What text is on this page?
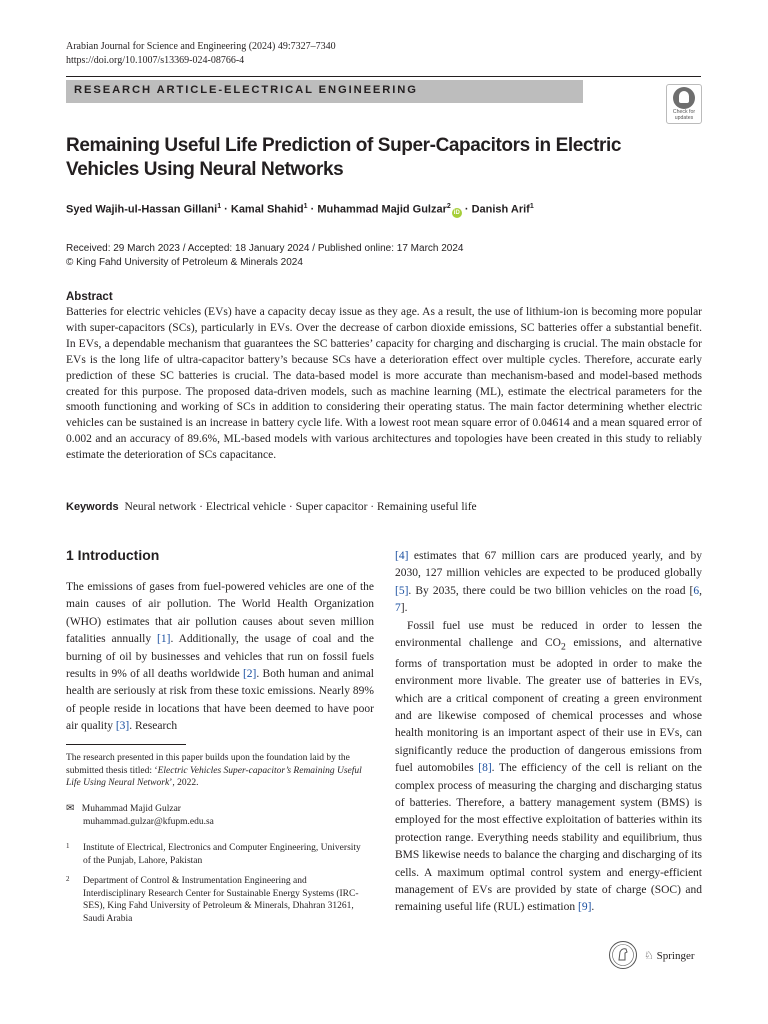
Arabian Journal for Science and Engineering (2024) 49:7327–7340
https://doi.org/10.1007/s13369-024-08766-4
RESEARCH ARTICLE-ELECTRICAL ENGINEERING
Check for updates
Remaining Useful Life Prediction of Super-Capacitors in Electric Vehicles Using Neural Networks
Syed Wajih-ul-Hassan Gillani$^1$ · Kamal Shahid$^1$ · Muhammad Majid Gulzar$^2$iD · Danish Arif$^1$
Received: 29 March 2023 / Accepted: 18 January 2024 / Published online: 17 March 2024
© King Fahd University of Petroleum & Minerals 2024
Abstract

Batteries for electric vehicles (EVs) have a capacity decay issue as they age. As a result, the use of lithium-ion is becoming more popular with super-capacitors (SCs), particularly in EVs. Over the decrease of carbon dioxide emissions, SC batteries offer a substantial benefit. In EVs, a dependable mechanism that guarantees the SC batteries’ capacity for charging and discharging is crucial. The main obstacle for EVs is the long life of ultra-capacitor battery’s because SCs have a deterioration effect over multiple cycles. Therefore, accurate early prediction of these SC batteries is crucial. The data-based model is more accurate than mechanism-based and model-based methods created for this purpose. The proposed data-driven models, such as machine learning (ML), estimate the electrical parameters for the smooth functioning and working of SCs in addition to considering their operating status. The main factor determining whether electric vehicles can be sustained is an increase in battery cycle life. With a lowest root mean square error of 0.04614 and a mean squared error of 0.002 and an accuracy of 89.6%, ML-based models with various architectures and topologies have been created in this study to reliably estimate the deterioration of SCs capacitance.

Keywords Neural network · Electrical vehicle · Super capacitor · Remaining useful life
1 Introduction

The emissions of gases from fuel-powered vehicles are one of the main causes of air pollution. The World Health Organization (WHO) estimates that air pollution causes about seven million fatalities annually [1]. Additionally, the usage of coal and the burning of oil by businesses and vehicles that run on fossil fuels results in 9% of all deaths worldwide [2]. Both human and animal health are seriously at risk from these toxic emissions. Nearly 89% of people reside in locations that have been deemed to have poor air quality [3]. Research

[4] estimates that 67 million cars are produced yearly, and by 2030, 127 million vehicles are expected to be produced globally [5]. By 2035, there could be two billion vehicles on the road [6, 7].

Fossil fuel use must be reduced in order to lessen the environmental challenge and $CO_2$ emissions, and alternative forms of transportation must be adopted in order to make the environment more livable. The greater use of batteries in EVs, which are a critical component of creating a green environment and are likewise composed of chemical processes and whose health monitoring is an important aspect of their use in EVs, can significantly reduce the production of dangerous emissions from fuel automobiles [8]. The efficiency of the cell is reliant on the complex process of measuring the charging and discharging status of batteries. Therefore, a battery management system (BMS) is employed for the most effective exploitation of batteries within its protection range. Everything needs stability and equilibrium, thus BMS likewise needs to balance the charging and discharging of its cells. A maximum optimal control system and energy-efficient management of EVs are provided by state of charge (SOC) and remaining useful life (RUL) estimation [9].

The research presented in this paper builds upon the foundation laid by the submitted thesis titled: ‘Electric Vehicles Super-capacitor’s Remaining Useful Life Using Neural Network’, 2022.

✉ Muhammad Majid Gulzar
muhammad.gulzar@kfupm.edu.sa
1	Institute of Electrical, Electronics and Computer Engineering, University of the Punjab, Lahore, Pakistan
2	Department of Control & Instrumentation Engineering and Interdisciplinary Research Center for Sustainable Energy Systems (IRC-SES), King Fahd University of Petroleum & Minerals, Dhahran 31261, Saudi Arabia
♘ Springer
